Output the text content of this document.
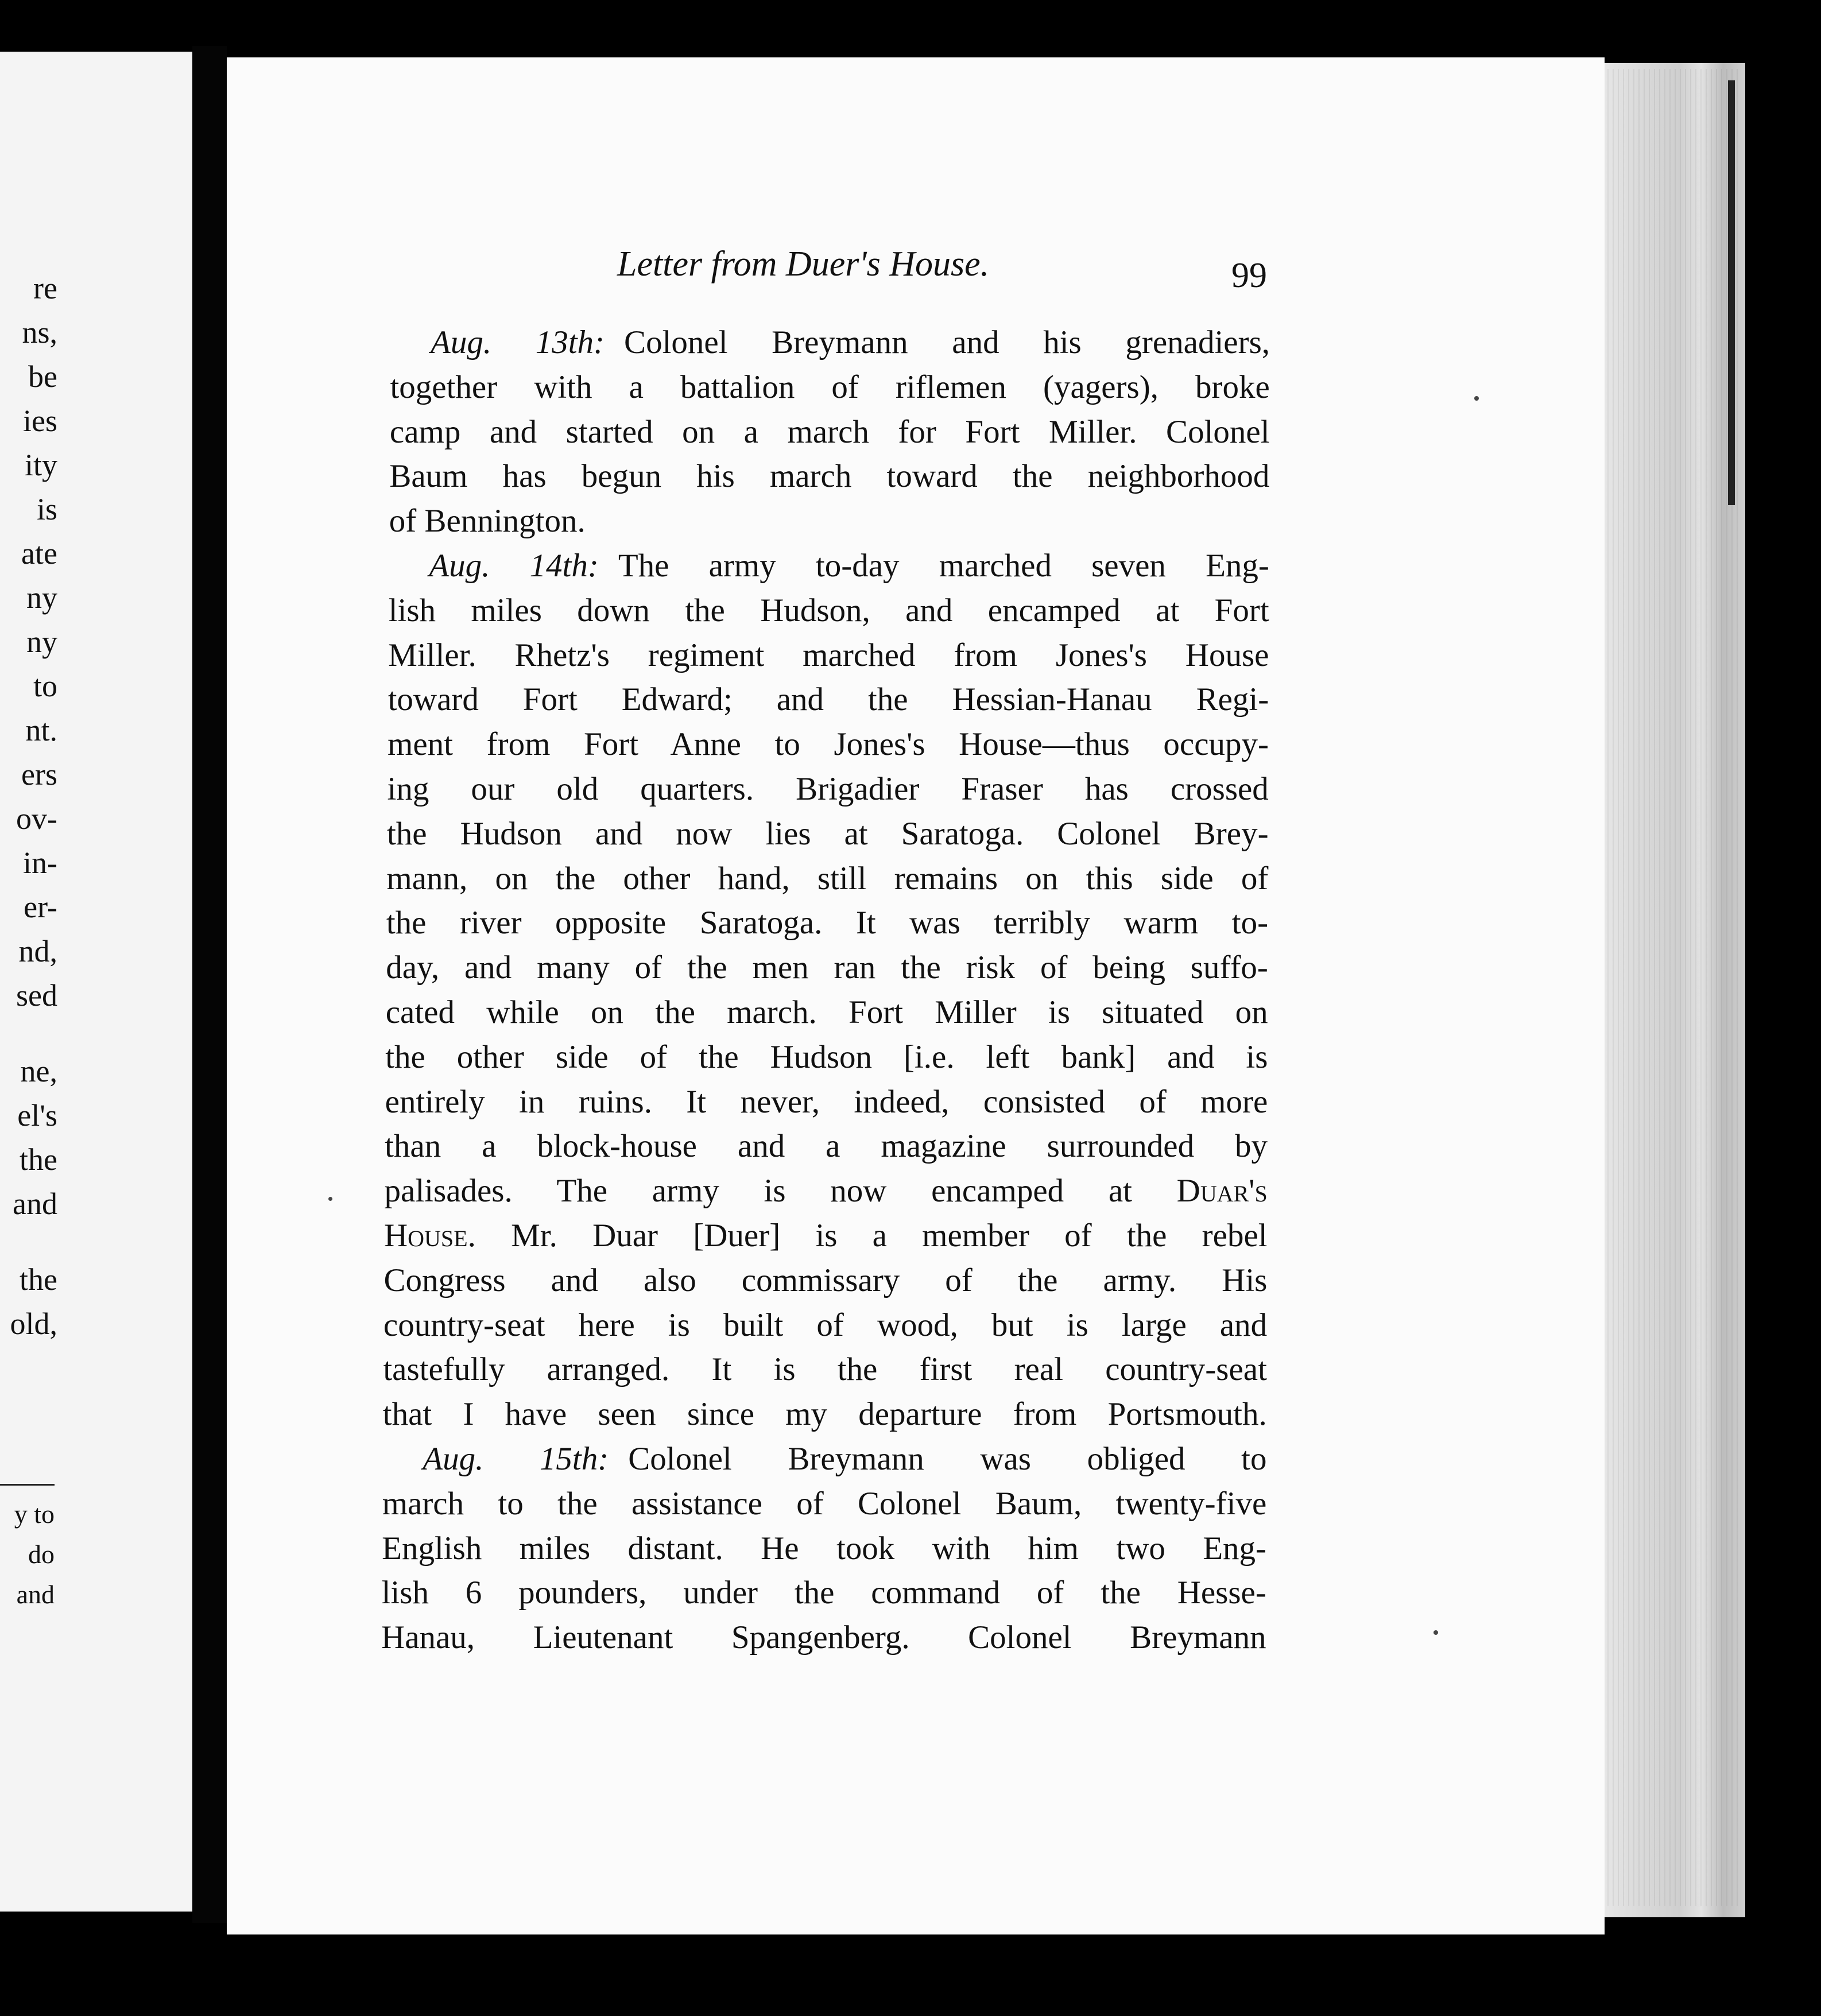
re
ns,
be
ies
ity
is
ate
ny
ny
to
nt.
ers
ov-
in-
er-
nd,
sed
ne,
el's
the
and
the
old,
y to
do
and
Aug. 13th: Colonel Breymann and his grenadiers,
together with a battalion of riflemen (yagers), broke
camp and started on a march for Fort Miller. Colonel
Baum has begun his march toward the neighborhood
of Bennington.
Aug. 14th: The army to-day marched seven Eng-
lish miles down the Hudson, and encamped at Fort
Miller. Rhetz's regiment marched from Jones's House
toward Fort Edward; and the Hessian-Hanau Regi-
ment from Fort Anne to Jones's House—thus occupy-
ing our old quarters. Brigadier Fraser has crossed
the Hudson and now lies at Saratoga. Colonel Brey-
mann, on the other hand, still remains on this side of
the river opposite Saratoga. It was terribly warm to-
day, and many of the men ran the risk of being suffo-
cated while on the march. Fort Miller is situated on
the other side of the Hudson [i.e. left bank] and is
entirely in ruins. It never, indeed, consisted of more
than a block-house and a magazine surrounded by
palisades. The army is now encamped at Duar's
House. Mr. Duar [Duer] is a member of the rebel
Congress and also commissary of the army. His
country-seat here is built of wood, but is large and
tastefully arranged. It is the first real country-seat
that I have seen since my departure from Portsmouth.
Aug. 15th: Colonel Breymann was obliged to
march to the assistance of Colonel Baum, twenty-five
English miles distant. He took with him two Eng-
lish 6 pounders, under the command of the Hesse-
Hanau, Lieutenant Spangenberg. Colonel Breymann
Letter from Duer's House.	99
